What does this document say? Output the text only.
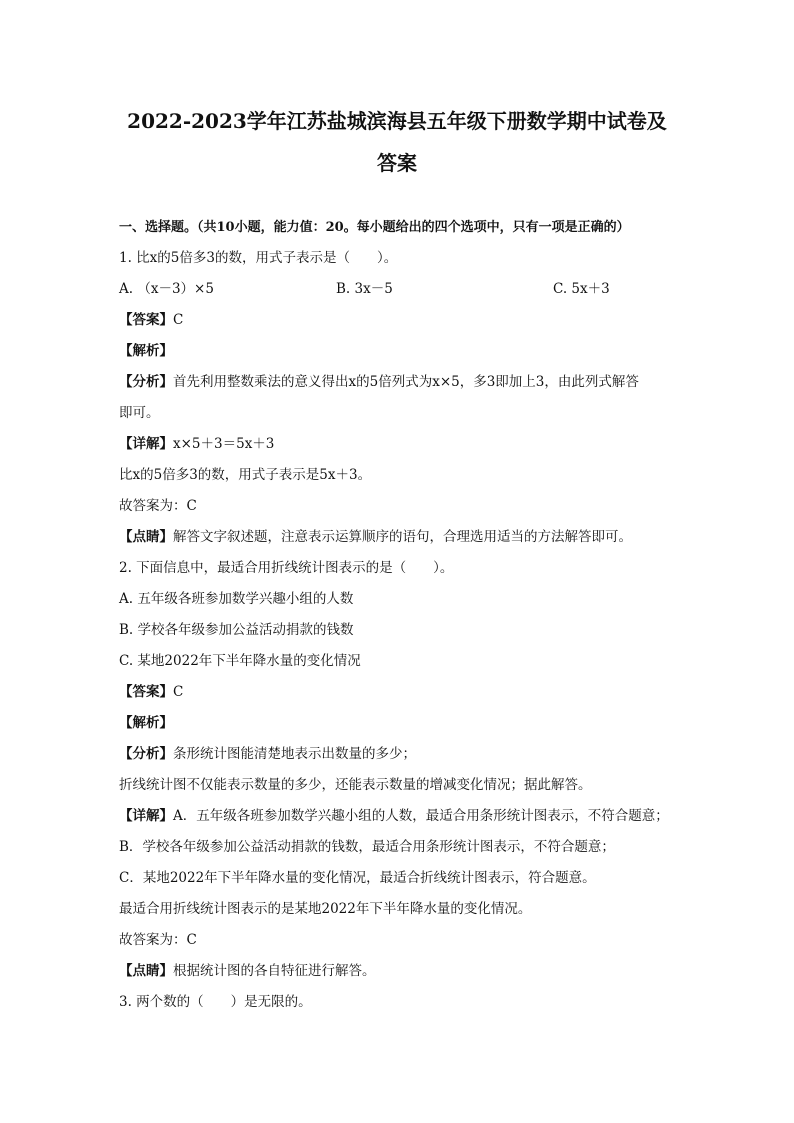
2022-2023学年江苏盐城滨海县五年级下册数学期中试卷及
答案
一、选择题。（共10小题，能力值：20。每小题给出的四个选项中，只有一项是正确的）
1. 比x的5倍多3的数，用式子表示是（　　）。
A. （x－3）×5	B. 3x－5	C. 5x＋3
【答案】C
【解析】
【分析】首先利用整数乘法的意义得出x的5倍列式为x×5，多3即加上3，由此列式解答
即可。
【详解】x×5＋3＝5x＋3
比x的5倍多3的数，用式子表示是5x＋3。
故答案为：C
【点睛】解答文字叙述题，注意表示运算顺序的语句，合理选用适当的方法解答即可。
2. 下面信息中，最适合用折线统计图表示的是（　　）。
A. 五年级各班参加数学兴趣小组的人数
B. 学校各年级参加公益活动捐款的钱数
C. 某地2022年下半年降水量的变化情况
【答案】C
【解析】
【分析】条形统计图能清楚地表示出数量的多少；
折线统计图不仅能表示数量的多少，还能表示数量的增减变化情况；据此解答。
【详解】A．五年级各班参加数学兴趣小组的人数，最适合用条形统计图表示，不符合题意；
B．学校各年级参加公益活动捐款的钱数，最适合用条形统计图表示，不符合题意；
C．某地2022年下半年降水量的变化情况，最适合折线统计图表示，符合题意。
最适合用折线统计图表示的是某地2022年下半年降水量的变化情况。
故答案为：C
【点睛】根据统计图的各自特征进行解答。
3. 两个数的（　　）是无限的。
